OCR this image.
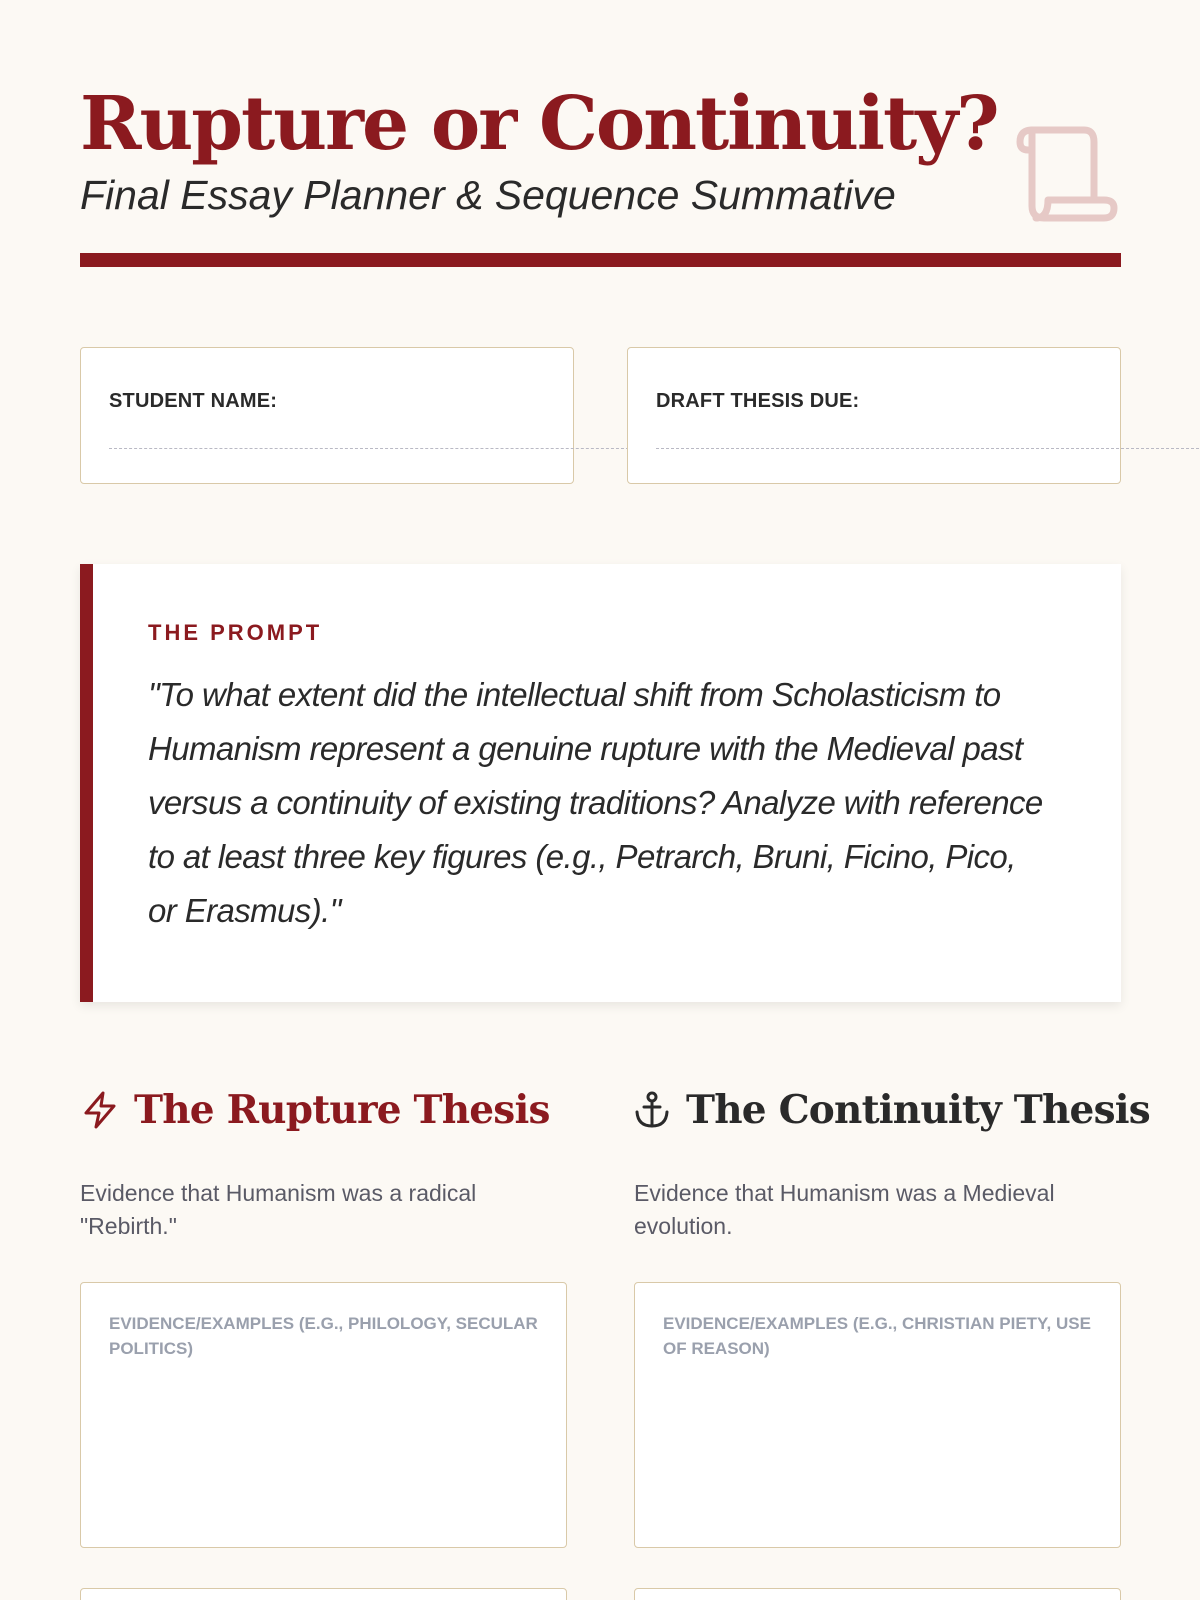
Rupture or Continuity?
Final Essay Planner & Sequence Summative
STUDENT NAME:	DRAFT THESIS DUE:
THE PROMPT

"To what extent did the intellectual shift from Scholasticism to Humanism represent a genuine rupture with the Medieval past versus a continuity of existing traditions? Analyze with reference to at least three key figures (e.g., Petrarch, Bruni, Ficino, Pico, or Erasmus)."

The Rupture Thesis	The Continuity Thesis

Evidence that Humanism was a radical "Rebirth."

Evidence that Humanism was a Medieval evolution.

EVIDENCE/EXAMPLES (E.G., PHILOLOGY, SECULAR POLITICS)
EVIDENCE/EXAMPLES (E.G., CHRISTIAN PIETY, USE OF REASON)
